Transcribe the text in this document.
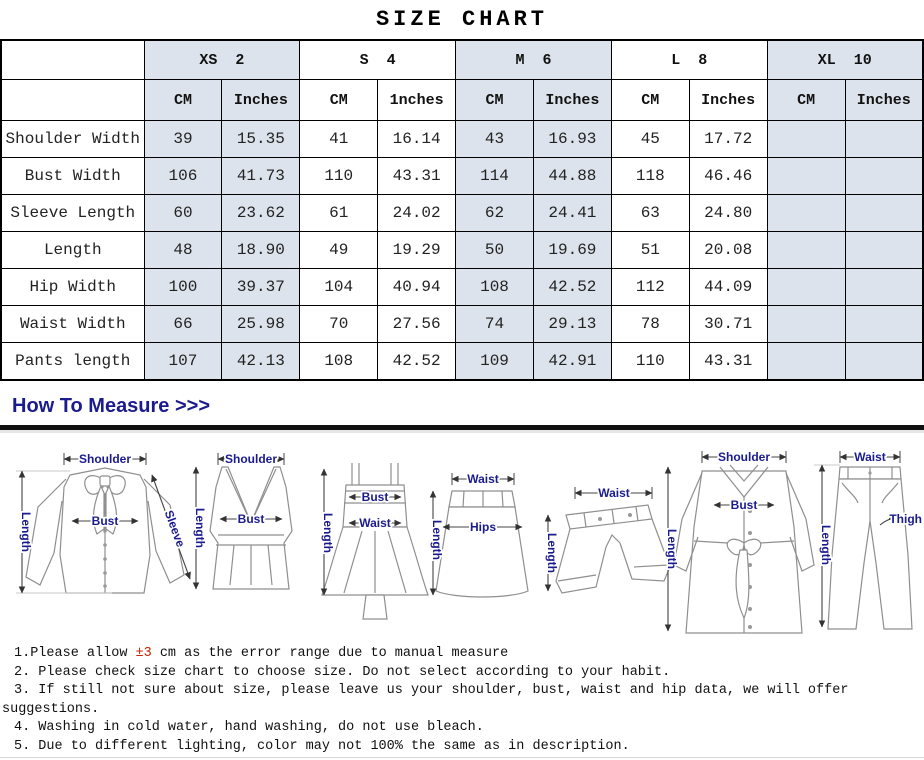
SIZE CHART
	XS  2		S  4		M  6		L  8		XL  10	
	CM	Inches	CM	1nches	CM	Inches	CM	Inches	CM	Inches
Shoulder Width	39	15.35	41	16.14	43	16.93	45	17.72		
Bust Width	106	41.73	110	43.31	114	44.88	118	46.46		
Sleeve Length	60	23.62	61	24.02	62	24.41	63	24.80		
Length	48	18.90	49	19.29	50	19.69	51	20.08		
Hip Width	100	39.37	104	40.94	108	42.52	112	44.09		
Waist Width	66	25.98	70	27.56	74	29.13	78	30.71		
Pants length	107	42.13	108	42.52	109	42.91	110	43.31		
How To Measure >>>
Shoulder
Length	Bust	Sleeve
Shoulder
Length	Bust
Bust
Waist
Length
Waist
Hips
Length
Waist
Length
Shoulder
Bust
Length
Waist
Length
Thigh
1.Please allow ±3 cm as the error range due to manual measure
2. Please check size chart to choose size. Do not select according to your habit.
3. If still not sure about size, please leave us your shoulder, bust, waist and hip data, we will offer
suggestions.
4. Washing in cold water, hand washing, do not use bleach.
5. Due to different lighting, color may not 100% the same as in description.
